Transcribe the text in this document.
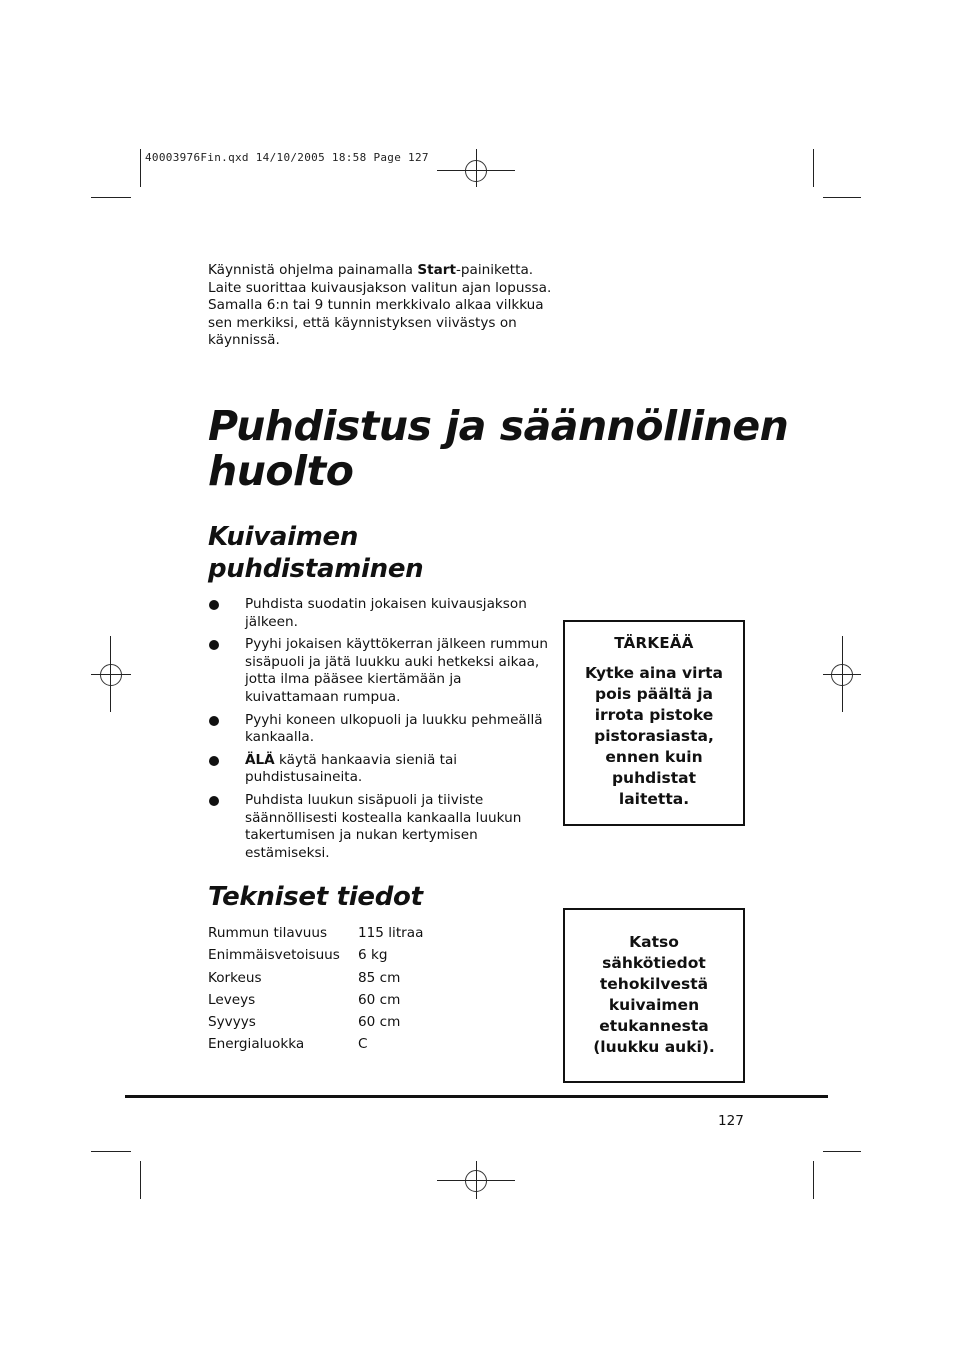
40003976Fin.qxd 14/10/2005 18:58 Page 127
Käynnistä ohjelma painamalla Start-painiketta.
Laite suorittaa kuivausjakson valitun ajan lopussa.
Samalla 6:n tai 9 tunnin merkkivalo alkaa vilkkua
sen merkiksi, että käynnistyksen viivästys on
käynnissä.
Puhdistus ja säännöllinen
huolto
Kuivaimen
puhdistaminen
Puhdista suodatin jokaisen kuivausjakson
jälkeen.
Pyyhi jokaisen käyttökerran jälkeen rummun
sisäpuoli ja jätä luukku auki hetkeksi aikaa,
jotta ilma pääsee kiertämään ja
kuivattamaan rumpua.
Pyyhi koneen ulkopuoli ja luukku pehmeällä
kankaalla.
ÄLÄ käytä hankaavia sieniä tai
puhdistusaineita.
Puhdista luukun sisäpuoli ja tiiviste
säännöllisesti kostealla kankaalla luukun
takertumisen ja nukan kertymisen
estämiseksi.
TÄRKEÄÄ
Kytke aina virta
pois päältä ja
irrota pistoke
pistorasiasta,
ennen kuin
puhdistat
laitetta.
Tekniset tiedot
Rummun tilavuus	115 litraa
Enimmäisvetoisuus	6 kg
Korkeus	85 cm
Leveys	60 cm
Syvyys	60 cm
Energialuokka	C
Katso
sähkötiedot
tehokilvestä
kuivaimen
etukannesta
(luukku auki).
127
